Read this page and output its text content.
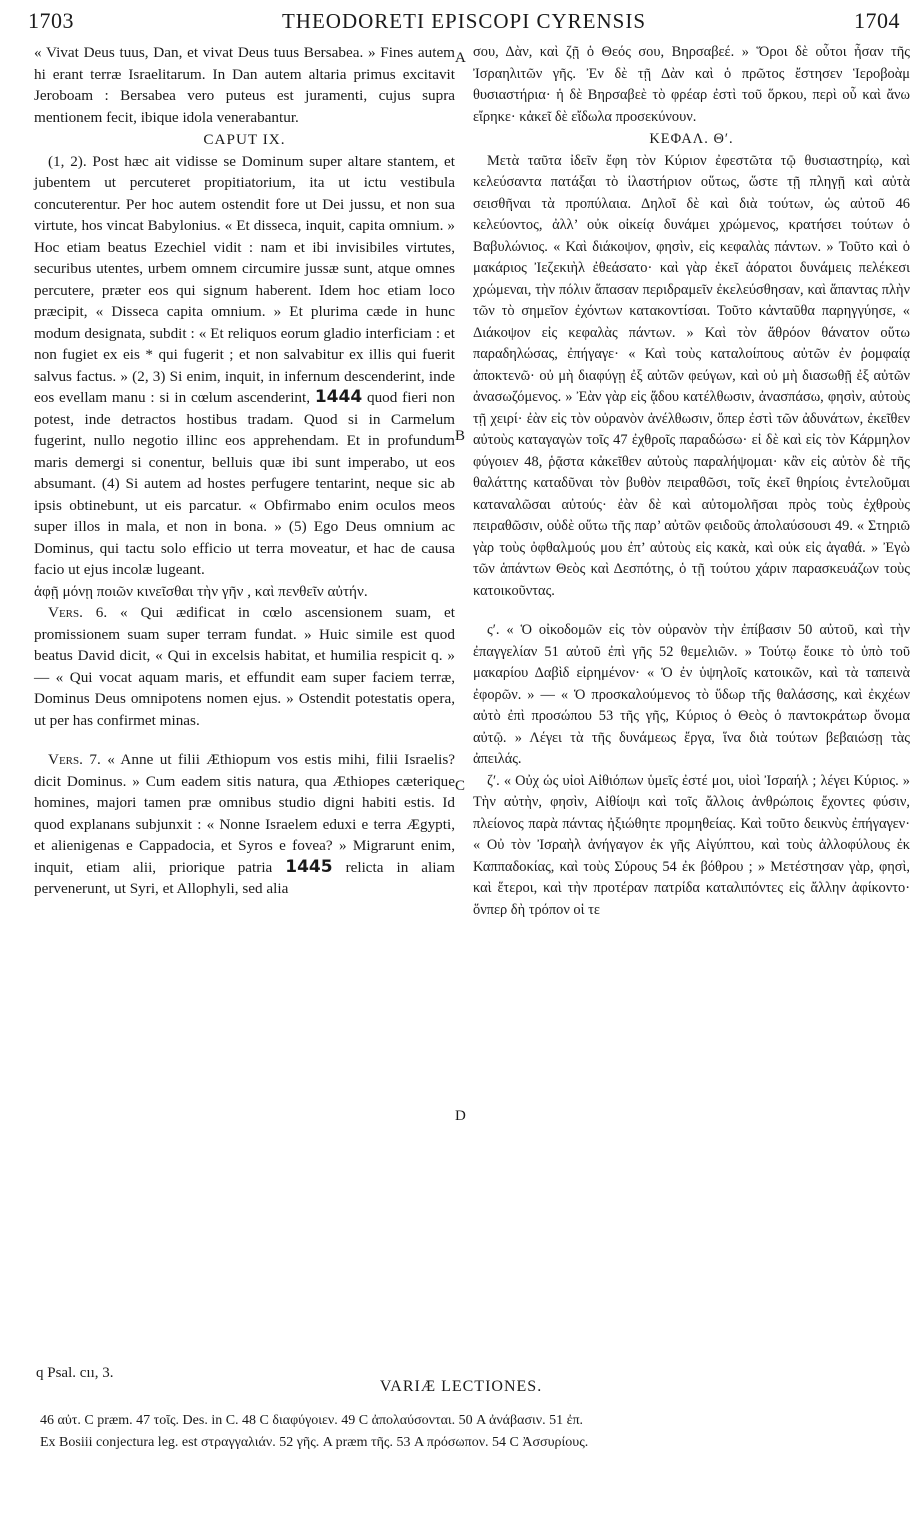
1703	THEODORETI EPISCOPI CYRENSIS	1704
A
B
C
D

« Vivat Deus tuus, Dan, et vivat Deus tuus Bersabea. » Fines autem hi erant terræ Israelitarum. In Dan autem altaria primus excitavit Jeroboam : Bersabea vero puteus est juramenti, cujus supra mentionem fecit, ibique idola venerabantur.

CAPUT IX.

(1, 2). Post hæc ait vidisse se Dominum super altare stantem, et jubentem ut percuteret propitiatorium, ita ut ictu vestibula concuterentur. Per hoc autem ostendit fore ut Dei jussu, et non sua virtute, hos vincat Babylonius. « Et disseca, inquit, capita omnium. » Hoc etiam beatus Ezechiel vidit : nam et ibi invisibiles virtutes, securibus utentes, urbem omnem circumire jussæ sunt, atque omnes percutere, præter eos qui signum haberent. Idem hoc etiam loco præcipit, « Disseca capita omnium. » Et plurima cæde in hunc modum designata, subdit : « Et reliquos eorum gladio interficiam : et non fugiet ex eis * qui fugerit ; et non salvabitur ex illis qui fuerit salvus factus. » (2, 3) Si enim, inquit, in infernum descenderint, inde eos evellam manu : si in cœlum ascenderint, 1444 quod fieri non potest, inde detractos hostibus tradam. Quod si in Carmelum fugerint, nullo negotio illinc eos apprehendam. Et in profundum maris demergi si conentur, belluis quæ ibi sunt imperabo, ut eos absumant. (4) Si autem ad hostes perfugere tentarint, neque sic ab ipsis obtinebunt, ut eis parcatur. « Obfirmabo enim oculos meos super illos in mala, et non in bona. » (5) Ego Deus omnium ac Dominus, qui tactu solo efficio ut terra moveatur, et hac de causa facio ut ejus incolæ lugeant.

ἁφῇ μόνῃ ποιῶν κινεῖσθαι τὴν γῆν , καὶ πενθεῖν αὐτήν.

Vers. 6. « Qui ædificat in cœlo ascensionem suam, et promissionem suam super terram fundat. » Huic simile est quod beatus David dicit, « Qui in excelsis habitat, et humilia respicit q. » — « Qui vocat aquam maris, et effundit eam super faciem terræ, Dominus Deus omnipotens nomen ejus. » Ostendit potestatis opera, ut per has confirmet minas.

Vers. 7. « Anne ut filii Æthiopum vos estis mihi, filii Israelis? dicit Dominus. » Cum eadem sitis natura, qua Æthiopes cæterique homines, majori tamen præ omnibus studio digni habiti estis. Id quod explanans subjunxit : « Nonne Israelem eduxi e terra Ægypti, et alienigenas e Cappadocia, et Syros e fovea? » Migrarunt enim, inquit, etiam alii, priorique patria 1445 relicta in aliam pervenerunt, ut Syri, et Allophyli, sed alia

σου, Δὰν, καὶ ζῇ ὁ Θεός σου, Βηρσαβεέ. » Ὅροι δὲ οὗτοι ἦσαν τῆς Ἰσραηλιτῶν γῆς. Ἐν δὲ τῇ Δὰν καὶ ὁ πρῶτος ἔστησεν Ἱεροβοὰμ θυσιαστήρια· ἡ δὲ Βηρσαβεὲ τὸ φρέαρ ἐστὶ τοῦ ὅρκου, περὶ οὗ καὶ ἄνω εἴρηκε· κἀκεῖ δὲ εἴδωλα προσεκύνουν.

ΚΕΦΑΛ. Θʹ.

Μετὰ ταῦτα ἰδεῖν ἔφη τὸν Κύριον ἐφεστῶτα τῷ θυσιαστηρίῳ, καὶ κελεύσαντα πατάξαι τὸ ἱλαστήριον οὕτως, ὥστε τῇ πληγῇ καὶ αὐτὰ σεισθῆναι τὰ προπύλαια. Δηλοῖ δὲ καὶ διὰ τούτων, ὡς αὐτοῦ 46 κελεύοντος, ἀλλ’ οὐκ οἰκείᾳ δυνάμει χρώμενος, κρατήσει τούτων ὁ Βαβυλώνιος. « Καὶ διάκοψον, φησὶν, εἰς κεφαλὰς πάντων. » Τοῦτο καὶ ὁ μακάριος Ἰεζεκιὴλ ἐθεάσατο· καὶ γὰρ ἐκεῖ ἀόρατοι δυνάμεις πελέκεσι χρώμεναι, τὴν πόλιν ἅπασαν περιδραμεῖν ἐκελεύσθησαν, καὶ ἅπαντας πλὴν τῶν τὸ σημεῖον ἐχόντων κατακοντίσαι. Τοῦτο κἀνταῦθα παρηγγύησε, « Διάκοψον εἰς κεφαλὰς πάντων. » Καὶ τὸν ἄθρόον θάνατον οὕτω παραδηλώσας, ἐπήγαγε· « Καὶ τοὺς καταλοίπους αὐτῶν ἐν ῥομφαίᾳ ἀποκτενῶ· οὐ μὴ διαφύγῃ ἐξ αὐτῶν φεύγων, καὶ οὐ μὴ διασωθῇ ἐξ αὐτῶν ἀνασωζόμενος. » Ἐὰν γὰρ εἰς ᾅδου κατέλθωσιν, ἀνασπάσω, φησὶν, αὐτοὺς τῇ χειρί· ἐὰν εἰς τὸν οὐρανὸν ἀνέλθωσιν, ὅπερ ἐστὶ τῶν ἀδυνάτων, ἐκεῖθεν αὐτοὺς καταγαγὼν τοῖς 47 ἐχθροῖς παραδώσω· εἰ δὲ καὶ εἰς τὸν Κάρμηλον φύγοιεν 48, ῥᾷστα κἀκεῖθεν αὐτοὺς παραλήψομαι· κἂν εἰς αὐτὸν δὲ τῆς θαλάττης καταδῦναι τὸν βυθὸν πειραθῶσι, τοῖς ἐκεῖ θηρίοις ἐντελοῦμαι καταναλῶσαι αὐτούς· ἐὰν δὲ καὶ αὐτομολῆσαι πρὸς τοὺς ἐχθροὺς πειραθῶσιν, οὐδὲ οὕτω τῆς παρ’ αὐτῶν φειδοῦς ἀπολαύσουσι 49. « Στηριῶ γὰρ τοὺς ὀφθαλμούς μου ἐπ’ αὐτοὺς εἰς κακὰ, καὶ οὐκ εἰς ἀγαθά. » Ἐγὼ τῶν ἁπάντων Θεὸς καὶ Δεσπότης, ὁ τῇ τούτου χάριν παρασκευάζων τοὺς κατοικοῦντας.

ςʹ. « Ὁ οἰκοδομῶν εἰς τὸν οὐρανὸν τὴν ἐπίβασιν 50 αὐτοῦ, καὶ τὴν ἐπαγγελίαν 51 αὐτοῦ ἐπὶ γῆς 52 θεμελιῶν. » Τούτῳ ἔοικε τὸ ὑπὸ τοῦ μακαρίου Δαβὶδ εἰρημένον· « Ὁ ἐν ὑψηλοῖς κατοικῶν, καὶ τὰ ταπεινὰ ἐφορῶν. » — « Ὁ προσκαλούμενος τὸ ὕδωρ τῆς θαλάσσης, καὶ ἐκχέων αὐτὸ ἐπὶ προσώπου 53 τῆς γῆς, Κύριος ὁ Θεὸς ὁ παντοκράτωρ ὄνομα αὐτῷ. » Λέγει τὰ τῆς δυνάμεως ἔργα, ἵνα διὰ τούτων βεβαιώσῃ τὰς ἀπειλάς.

ζʹ. « Οὐχ ὡς υἱοὶ Αἰθιόπων ὑμεῖς ἐστέ μοι, υἱοὶ Ἰσραήλ ; λέγει Κύριος. » Τὴν αὐτὴν, φησὶν, Αἰθίοψι καὶ τοῖς ἄλλοις ἀνθρώποις ἔχοντες φύσιν, πλείονος παρὰ πάντας ἠξιώθητε προμηθείας. Καὶ τοῦτο δεικνὺς ἐπήγαγεν· « Οὐ τὸν Ἰσραὴλ ἀνήγαγον ἐκ γῆς Αἰγύπτου, καὶ τοὺς ἀλλοφύλους ἐκ Καππαδοκίας, καὶ τοὺς Σύρους 54 ἐκ βόθρου ; » Μετέστησαν γὰρ, φησὶ, καὶ ἕτεροι, καὶ τὴν προτέραν πατρίδα καταλιπόντες εἰς ἄλλην ἀφίκοντο· ὅνπερ δὴ τρόπον οἱ τε

q Psal. cıı, 3.
VARIÆ LECTIONES.

46 αὐτ. C præm. 47 τοῖς. Des. in C. 48 C διαφύγοιεν. 49 C ἀπολαύσονται. 50 A ἀνάβασιν. 51 ἐπ.

Ex Bosiii conjectura leg. est στραγγαλιάν. 52 γῆς. A præm τῆς. 53 A πρόσωπον. 54 C Ἀσσυρίους.
